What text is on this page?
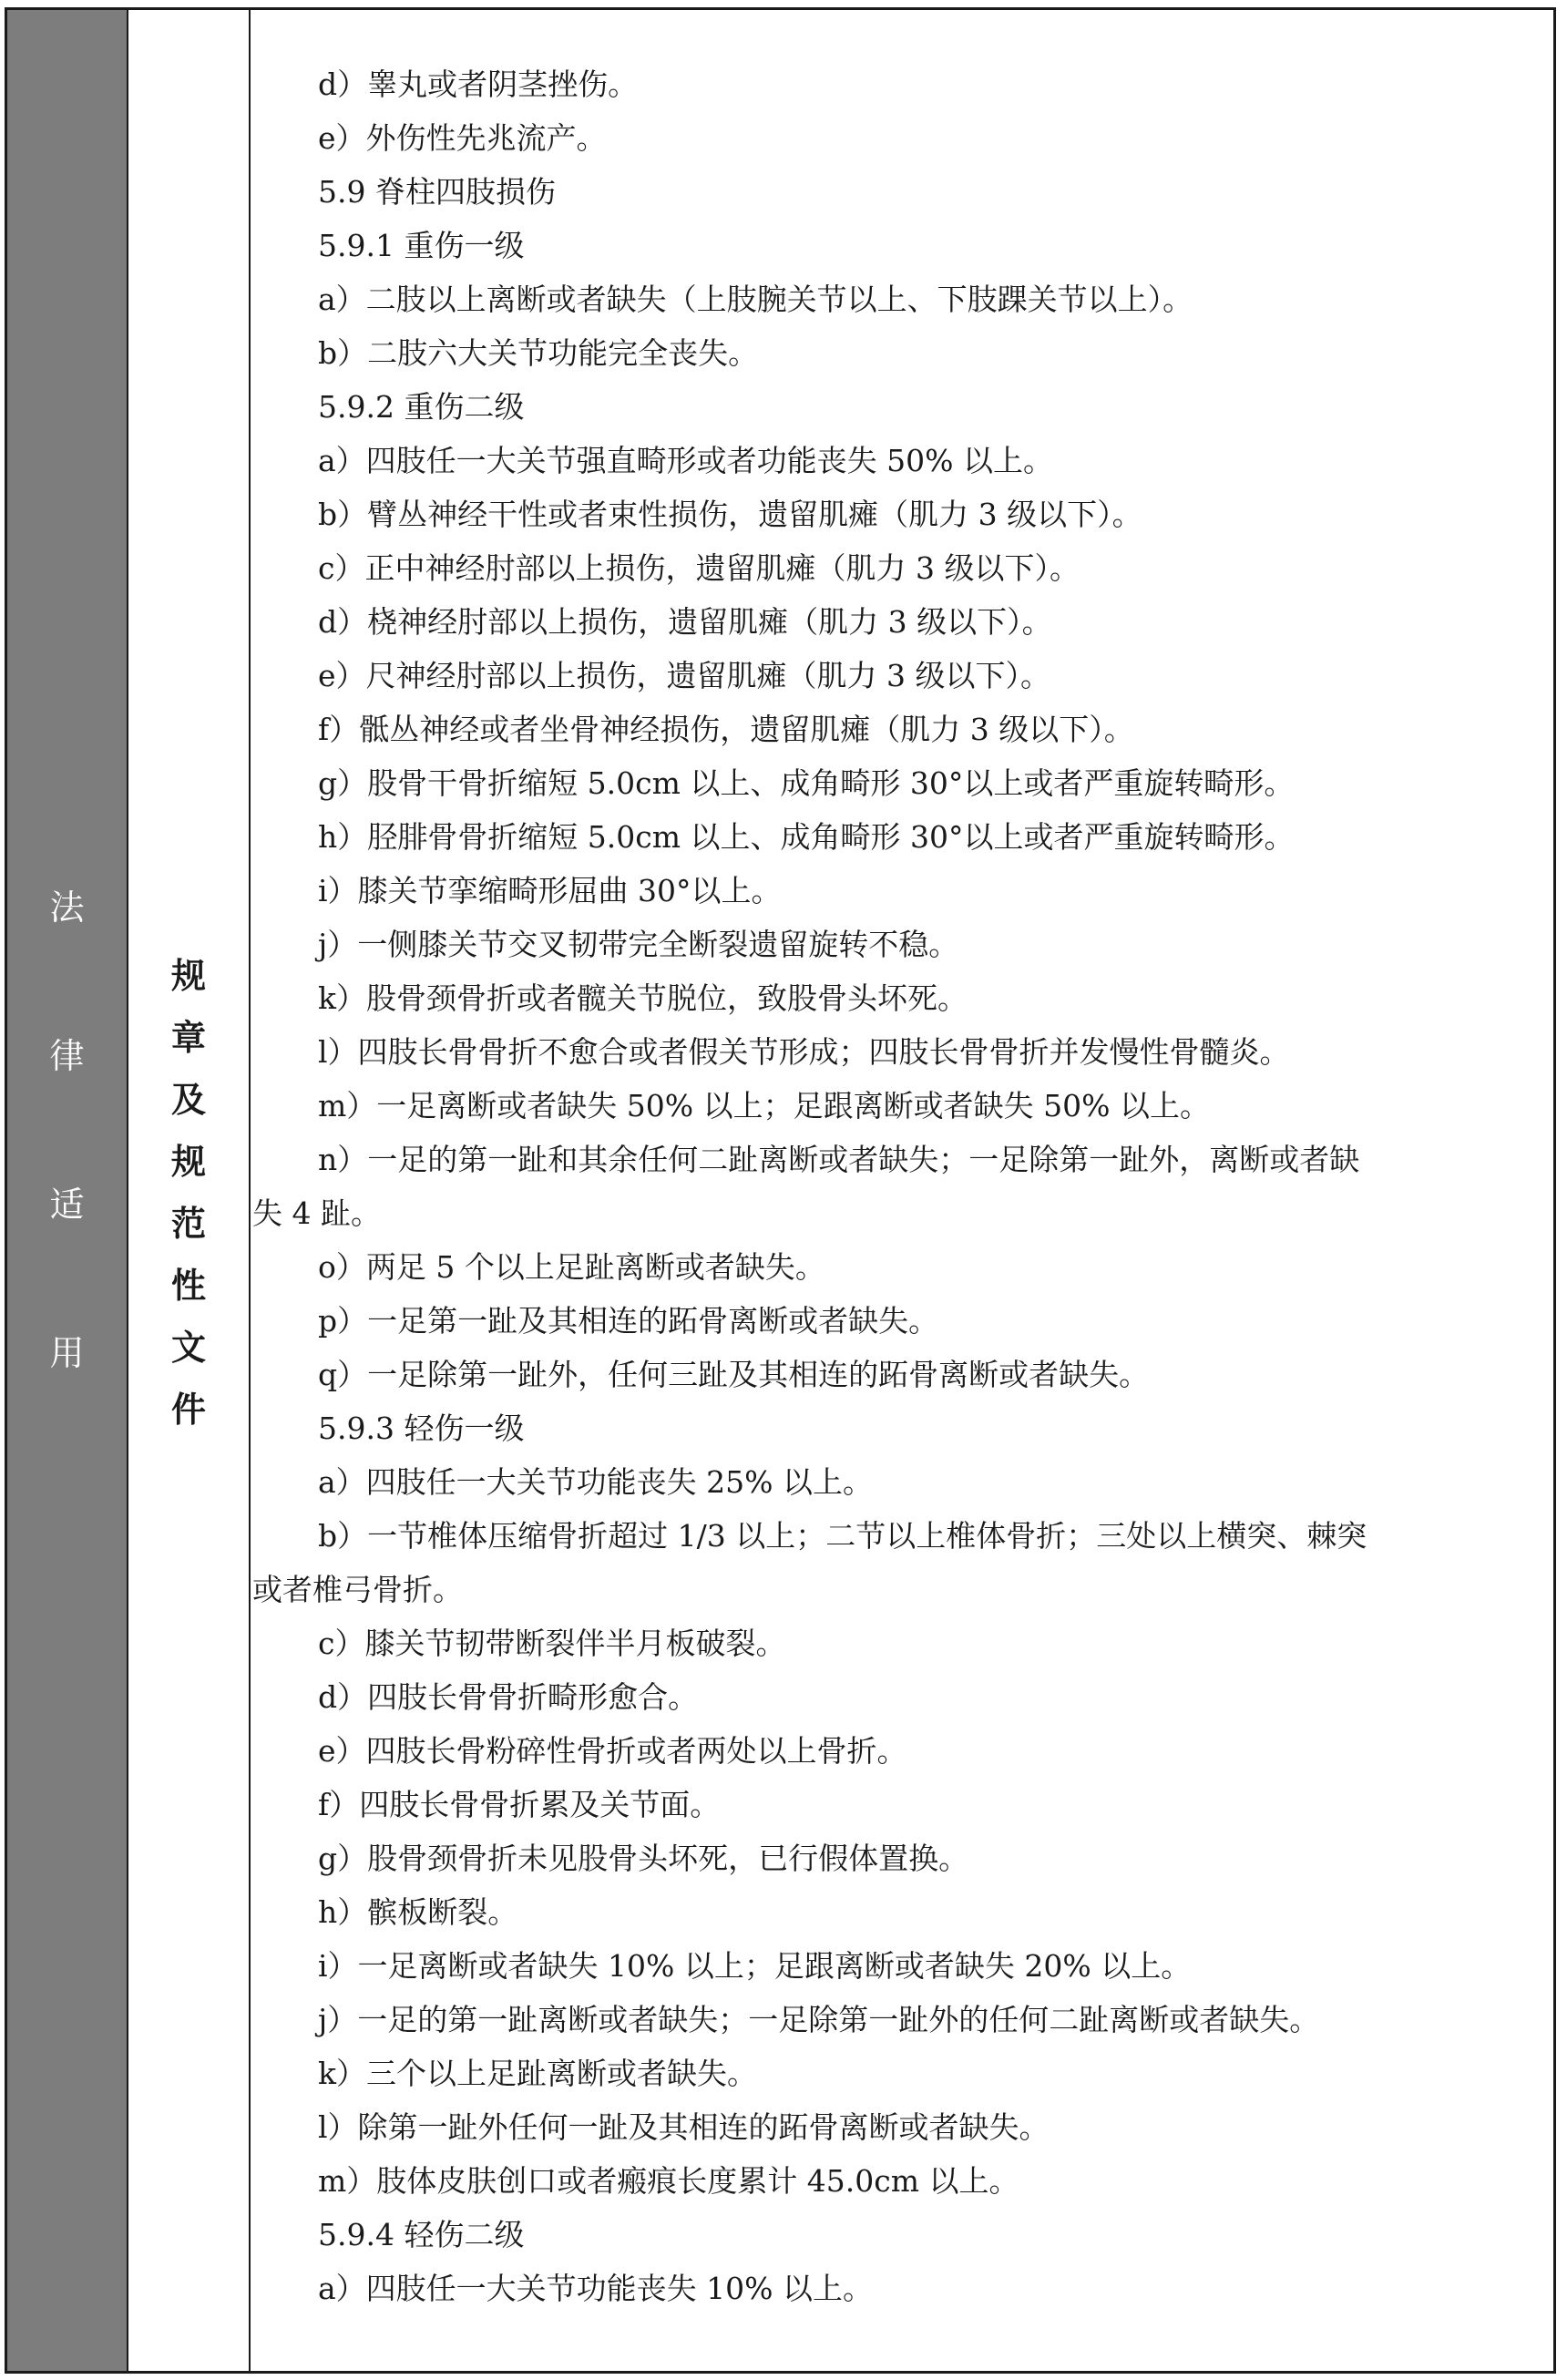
法
律
适
用
规
章
及
规
范
性
文
件
d）睾丸或者阴茎挫伤。
e）外伤性先兆流产。
5.9 脊柱四肢损伤
5.9.1 重伤一级
a）二肢以上离断或者缺失（上肢腕关节以上、下肢踝关节以上）。
b）二肢六大关节功能完全丧失。
5.9.2 重伤二级
a）四肢任一大关节强直畸形或者功能丧失 50% 以上。
b）臂丛神经干性或者束性损伤，遗留肌瘫（肌力 3 级以下）。
c）正中神经肘部以上损伤，遗留肌瘫（肌力 3 级以下）。
d）桡神经肘部以上损伤，遗留肌瘫（肌力 3 级以下）。
e）尺神经肘部以上损伤，遗留肌瘫（肌力 3 级以下）。
f）骶丛神经或者坐骨神经损伤，遗留肌瘫（肌力 3 级以下）。
g）股骨干骨折缩短 5.0cm 以上、成角畸形 30°以上或者严重旋转畸形。
h）胫腓骨骨折缩短 5.0cm 以上、成角畸形 30°以上或者严重旋转畸形。
i）膝关节挛缩畸形屈曲 30°以上。
j）一侧膝关节交叉韧带完全断裂遗留旋转不稳。
k）股骨颈骨折或者髋关节脱位，致股骨头坏死。
l）四肢长骨骨折不愈合或者假关节形成；四肢长骨骨折并发慢性骨髓炎。
m）一足离断或者缺失 50% 以上；足跟离断或者缺失 50% 以上。
n）一足的第一趾和其余任何二趾离断或者缺失；一足除第一趾外，离断或者缺
失 4 趾。
o）两足 5 个以上足趾离断或者缺失。
p）一足第一趾及其相连的跖骨离断或者缺失。
q）一足除第一趾外，任何三趾及其相连的跖骨离断或者缺失。
5.9.3 轻伤一级
a）四肢任一大关节功能丧失 25% 以上。
b）一节椎体压缩骨折超过 1/3 以上；二节以上椎体骨折；三处以上横突、棘突
或者椎弓骨折。
c）膝关节韧带断裂伴半月板破裂。
d）四肢长骨骨折畸形愈合。
e）四肢长骨粉碎性骨折或者两处以上骨折。
f）四肢长骨骨折累及关节面。
g）股骨颈骨折未见股骨头坏死，已行假体置换。
h）髌板断裂。
i）一足离断或者缺失 10% 以上；足跟离断或者缺失 20% 以上。
j）一足的第一趾离断或者缺失；一足除第一趾外的任何二趾离断或者缺失。
k）三个以上足趾离断或者缺失。
l）除第一趾外任何一趾及其相连的跖骨离断或者缺失。
m）肢体皮肤创口或者瘢痕长度累计 45.0cm 以上。
5.9.4 轻伤二级
a）四肢任一大关节功能丧失 10% 以上。
